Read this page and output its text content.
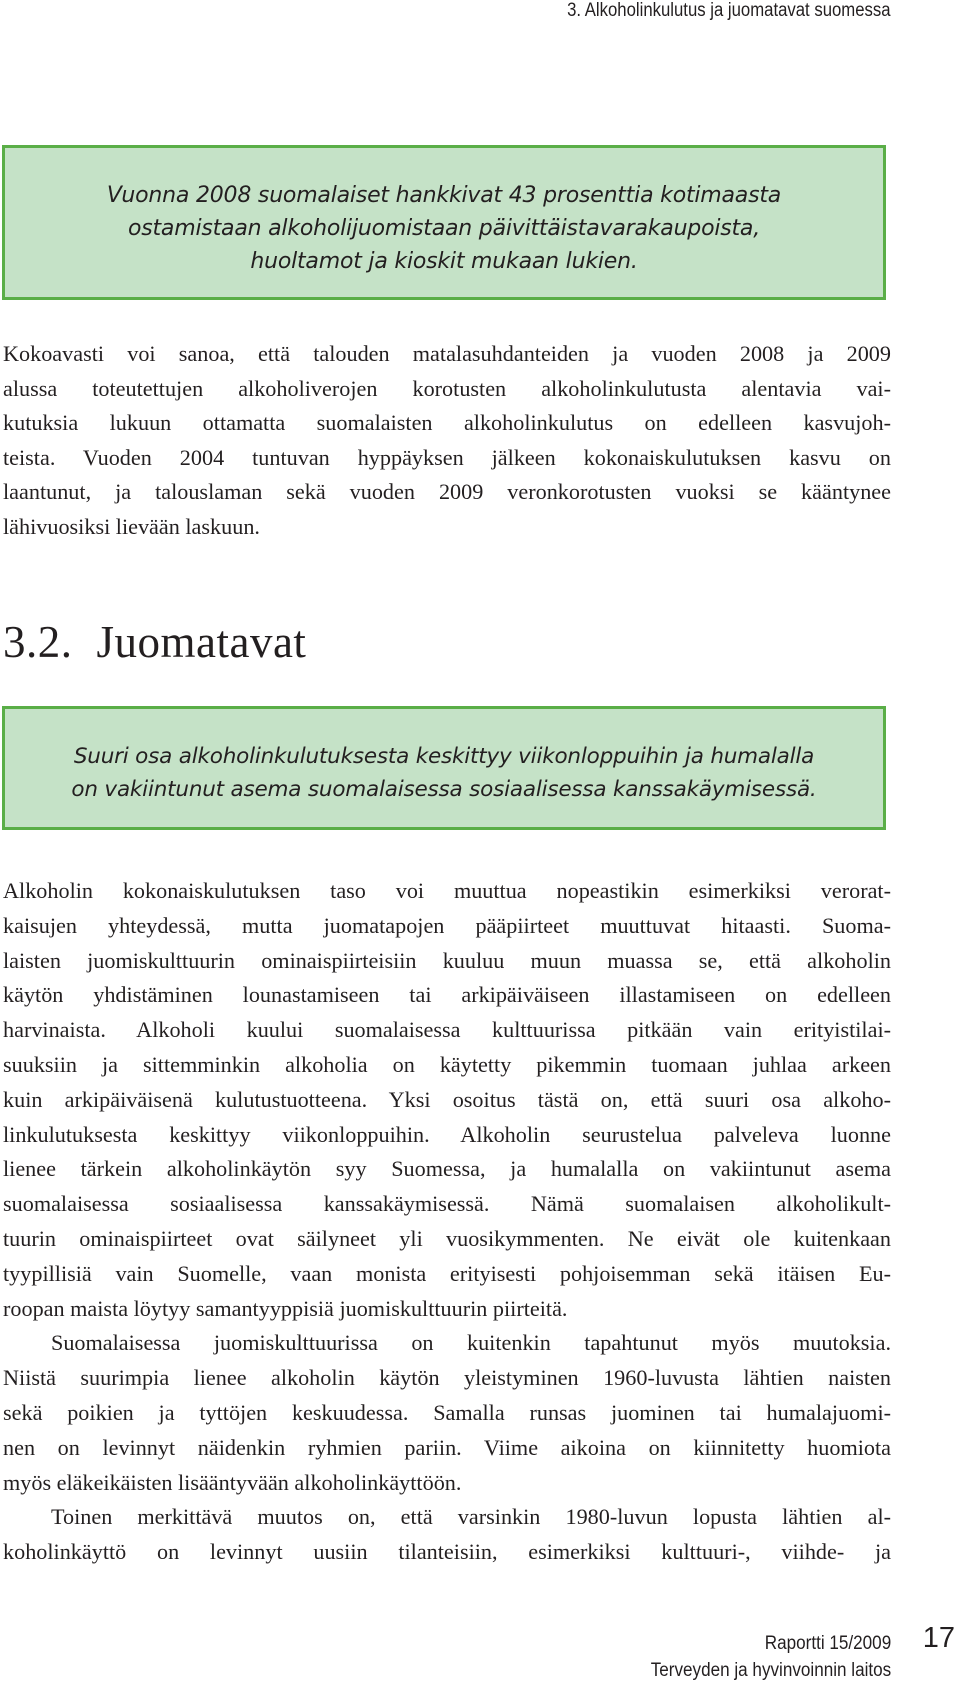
3. Alkoholinkulutus ja juomatavat suomessa
Vuonna 2008 suomalaiset hankkivat 43 prosenttia kotimaasta
ostamistaan alkoholijuomistaan päivittäistavarakaupoista,
huoltamot ja kioskit mukaan lukien.
Kokoavasti voi sanoa, että talouden matalasuhdanteiden ja vuoden 2008 ja 2009
alussa toteutettujen alkoholiverojen korotusten alkoholinkulutusta alentavia vai-
kutuksia lukuun ottamatta suomalaisten alkoholinkulutus on edelleen kasvujoh-
teista. Vuoden 2004 tuntuvan hyppäyksen jälkeen kokonaiskulutuksen kasvu on
laantunut, ja talouslaman sekä vuoden 2009 veronkorotusten vuoksi se kääntynee
lähivuosiksi lievään laskuun.
3.2. Juomatavat
Suuri osa alkoholinkulutuksesta keskittyy viikonloppuihin ja humalalla
on vakiintunut asema suomalaisessa sosiaalisessa kanssakäymisessä.
Alkoholin kokonaiskulutuksen taso voi muuttua nopeastikin esimerkiksi verorat-
kaisujen yhteydessä, mutta juomatapojen pääpiirteet muuttuvat hitaasti. Suoma-
laisten juomiskulttuurin ominaispiirteisiin kuuluu muun muassa se, että alkoholin
käytön yhdistäminen lounastamiseen tai arkipäiväiseen illastamiseen on edelleen
harvinaista. Alkoholi kuului suomalaisessa kulttuurissa pitkään vain erityistilai-
suuksiin ja sittemminkin alkoholia on käytetty pikemmin tuomaan juhlaa arkeen
kuin arkipäiväisenä kulutustuotteena. Yksi osoitus tästä on, että suuri osa alkoho-
linkulutuksesta keskittyy viikonloppuihin. Alkoholin seurustelua palveleva luonne
lienee tärkein alkoholinkäytön syy Suomessa, ja humalalla on vakiintunut asema
suomalaisessa sosiaalisessa kanssakäymisessä. Nämä suomalaisen alkoholikult-
tuurin ominaispiirteet ovat säilyneet yli vuosikymmenten. Ne eivät ole kuitenkaan
tyypillisiä vain Suomelle, vaan monista erityisesti pohjoisemman sekä itäisen Eu-
roopan maista löytyy samantyyppisiä juomiskulttuurin piirteitä.
Suomalaisessa juomiskulttuurissa on kuitenkin tapahtunut myös muutoksia.
Niistä suurimpia lienee alkoholin käytön yleistyminen 1960-luvusta lähtien naisten
sekä poikien ja tyttöjen keskuudessa. Samalla runsas juominen tai humalajuomi-
nen on levinnyt näidenkin ryhmien pariin. Viime aikoina on kiinnitetty huomiota
myös eläkeikäisten lisääntyvään alkoholinkäyttöön.
Toinen merkittävä muutos on, että varsinkin 1980-luvun lopusta lähtien al-
koholinkäyttö on levinnyt uusiin tilanteisiin, esimerkiksi kulttuuri-, viihde- ja
Raportti 15/2009
Terveyden ja hyvinvoinnin laitos
17
